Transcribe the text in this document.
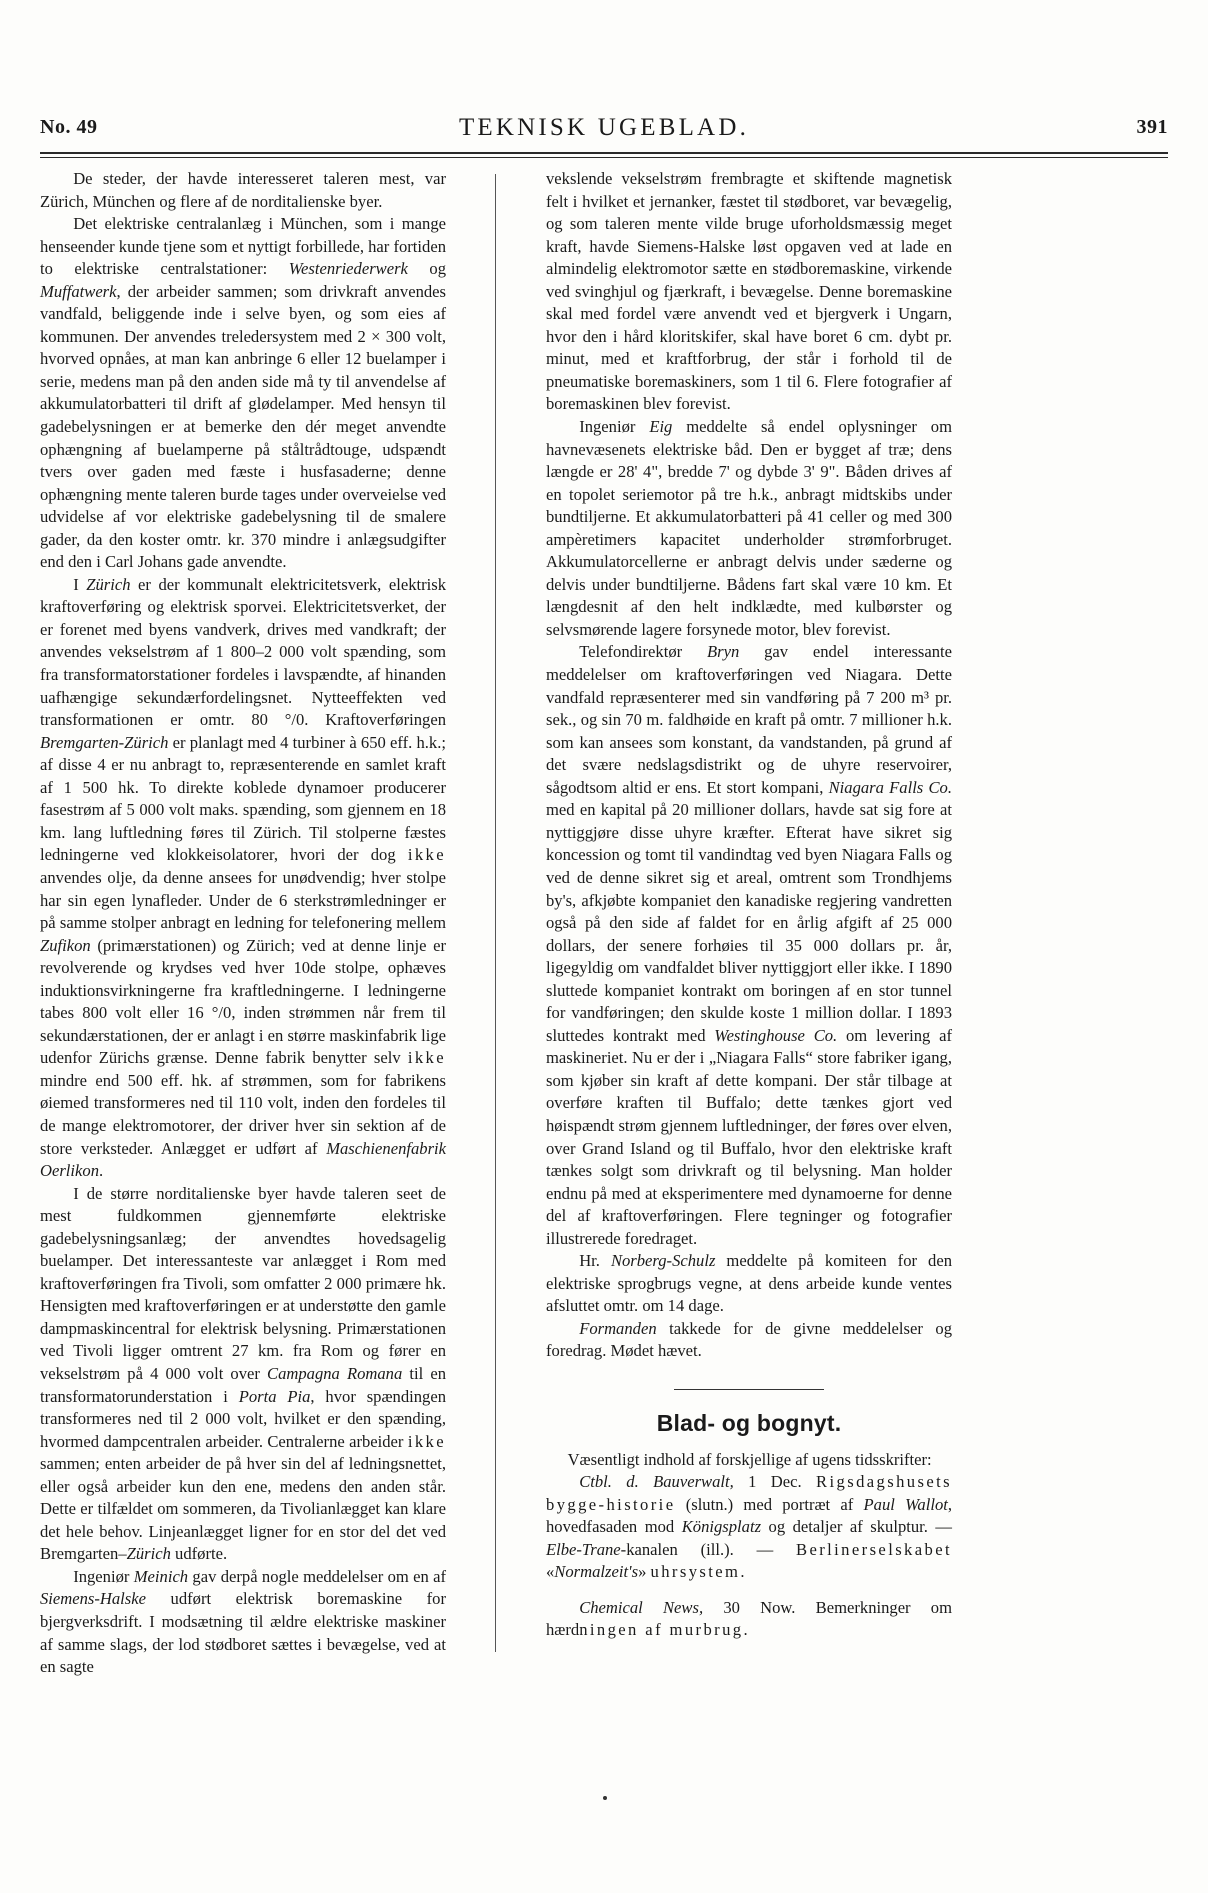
No. 49	TEKNISK UGEBLAD.	391

De steder, der havde interesseret taleren mest, var Zürich, München og flere af de norditalienske byer.

Det elektriske centralanlæg i München, som i mange henseender kunde tjene som et nyttigt forbillede, har fortiden to elektriske centralstationer: Westenriederwerk og Muffatwerk, der arbeider sammen; som drivkraft anvendes vandfald, beliggende inde i selve byen, og som eies af kommunen. Der anvendes treledersystem med 2 × 300 volt, hvorved opnåes, at man kan anbringe 6 eller 12 buelamper i serie, medens man på den anden side må ty til anvendelse af akkumulatorbatteri til drift af glødelamper. Med hensyn til gadebelysningen er at bemerke den dér meget anvendte ophængning af buelamperne på ståltrådtouge, udspændt tvers over gaden med fæste i husfasaderne; denne ophængning mente taleren burde tages under overveielse ved udvidelse af vor elektriske gadebelysning til de smalere gader, da den koster omtr. kr. 370 mindre i anlægsudgifter end den i Carl Johans gade anvendte.

I Zürich er der kommunalt elektricitetsverk, elektrisk kraftoverføring og elektrisk sporvei. Elektricitetsverket, der er forenet med byens vandverk, drives med vandkraft; der anvendes vekselstrøm af 1 800–2 000 volt spænding, som fra transformatorstationer fordeles i lavspændte, af hinanden uafhængige sekundærfordelingsnet. Nytteeffekten ved transformationen er omtr. 80 °/0. Kraftoverføringen Bremgarten-Zürich er planlagt med 4 turbiner à 650 eff. h.k.; af disse 4 er nu anbragt to, repræsenterende en samlet kraft af 1 500 hk. To direkte koblede dynamoer producerer fasestrøm af 5 000 volt maks. spænding, som gjennem en 18 km. lang luftledning føres til Zürich. Til stolperne fæstes ledningerne ved klokkeisolatorer, hvori der dog ikke anvendes olje, da denne ansees for unødvendig; hver stolpe har sin egen lynafleder. Under de 6 sterkstrømledninger er på samme stolper anbragt en ledning for telefonering mellem Zufikon (primærstationen) og Zürich; ved at denne linje er revolverende og krydses ved hver 10de stolpe, ophæves induktionsvirkningerne fra kraftledningerne. I ledningerne tabes 800 volt eller 16 °/0, inden strømmen når frem til sekundærstationen, der er anlagt i en større maskinfabrik lige udenfor Zürichs grænse. Denne fabrik benytter selv ikke mindre end 500 eff. hk. af strømmen, som for fabrikens øiemed transformeres ned til 110 volt, inden den fordeles til de mange elektromotorer, der driver hver sin sektion af de store verksteder. Anlægget er udført af Maschienenfabrik Oerlikon.

I de større norditalienske byer havde taleren seet de mest fuldkommen gjennemførte elektriske gadebelysningsanlæg; der anvendtes hovedsagelig buelamper. Det interessanteste var anlægget i Rom med kraftoverføringen fra Tivoli, som omfatter 2 000 primære hk. Hensigten med kraftoverføringen er at understøtte den gamle dampmaskincentral for elektrisk belysning. Primærstationen ved Tivoli ligger omtrent 27 km. fra Rom og fører en vekselstrøm på 4 000 volt over Campagna Romana til en transformatorunderstation i Porta Pia, hvor spændingen transformeres ned til 2 000 volt, hvilket er den spænding, hvormed dampcentralen arbeider. Centralerne arbeider ikke sammen; enten arbeider de på hver sin del af ledningsnettet, eller også arbeider kun den ene, medens den anden står. Dette er tilfældet om sommeren, da Tivolianlægget kan klare det hele behov. Linjeanlægget ligner for en stor del det ved Bremgarten–Zürich udførte.

Ingeniør Meinich gav derpå nogle meddelelser om en af Siemens-Halske udført elektrisk boremaskine for bjergverksdrift. I modsætning til ældre elektriske maskiner af samme slags, der lod stødboret sættes i bevægelse, ved at en sagte

vekslende vekselstrøm frembragte et skiftende magnetisk felt i hvilket et jernanker, fæstet til stødboret, var bevægelig, og som taleren mente vilde bruge uforholdsmæssig meget kraft, havde Siemens-Halske løst opgaven ved at lade en almindelig elektromotor sætte en stødboremaskine, virkende ved svinghjul og fjærkraft, i bevægelse. Denne boremaskine skal med fordel være anvendt ved et bjergverk i Ungarn, hvor den i hård kloritskifer, skal have boret 6 cm. dybt pr. minut, med et kraftforbrug, der står i forhold til de pneumatiske boremaskiners, som 1 til 6. Flere fotografier af boremaskinen blev forevist.

Ingeniør Eig meddelte så endel oplysninger om havnevæsenets elektriske båd. Den er bygget af træ; dens længde er 28' 4", bredde 7' og dybde 3' 9". Båden drives af en topolet seriemotor på tre h.k., anbragt midtskibs under bundtiljerne. Et akkumulatorbatteri på 41 celler og med 300 ampèretimers kapacitet underholder strømforbruget. Akkumulatorcellerne er anbragt delvis under sæderne og delvis under bundtiljerne. Bådens fart skal være 10 km. Et længdesnit af den helt indklædte, med kulbørster og selvsmørende lagere forsynede motor, blev forevist.

Telefondirektør Bryn gav endel interessante meddelelser om kraftoverføringen ved Niagara. Dette vandfald repræsenterer med sin vandføring på 7 200 m³ pr. sek., og sin 70 m. faldhøide en kraft på omtr. 7 millioner h.k. som kan ansees som konstant, da vandstanden, på grund af det svære nedslagsdistrikt og de uhyre reservoirer, sågodtsom altid er ens. Et stort kompani, Niagara Falls Co. med en kapital på 20 millioner dollars, havde sat sig fore at nyttiggjøre disse uhyre kræfter. Efterat have sikret sig koncession og tomt til vandindtag ved byen Niagara Falls og ved de denne sikret sig et areal, omtrent som Trondhjems by's, afkjøbte kompaniet den kanadiske regjering vandretten også på den side af faldet for en årlig afgift af 25 000 dollars, der senere forhøies til 35 000 dollars pr. år, ligegyldig om vandfaldet bliver nyttiggjort eller ikke. I 1890 sluttede kompaniet kontrakt om boringen af en stor tunnel for vandføringen; den skulde koste 1 million dollar. I 1893 sluttedes kontrakt med Westinghouse Co. om levering af maskineriet. Nu er der i „Niagara Falls“ store fabriker igang, som kjøber sin kraft af dette kompani. Der står tilbage at overføre kraften til Buffalo; dette tænkes gjort ved høispændt strøm gjennem luftledninger, der føres over elven, over Grand Island og til Buffalo, hvor den elektriske kraft tænkes solgt som drivkraft og til belysning. Man holder endnu på med at eksperimentere med dynamoerne for denne del af kraftoverføringen. Flere tegninger og fotografier illustrerede foredraget.

Hr. Norberg-Schulz meddelte på komiteen for den elektriske sprogbrugs vegne, at dens arbeide kunde ventes afsluttet omtr. om 14 dage.

Formanden takkede for de givne meddelelser og foredrag. Mødet hævet.

Blad- og bognyt.

Væsentligt indhold af forskjellige af ugens tidsskrifter:

Ctbl. d. Bauverwalt, 1 Dec. Rigsdagshusets bygge-historie (slutn.) med portræt af Paul Wallot, hovedfasaden mod Königsplatz og detaljer af skulptur. — Elbe-Trane-kanalen (ill.). — Berlinerselskabet «Normalzeit's» uhrsystem.

Chemical News, 30 Now. Bemerkninger om hærdningen af murbrug.
